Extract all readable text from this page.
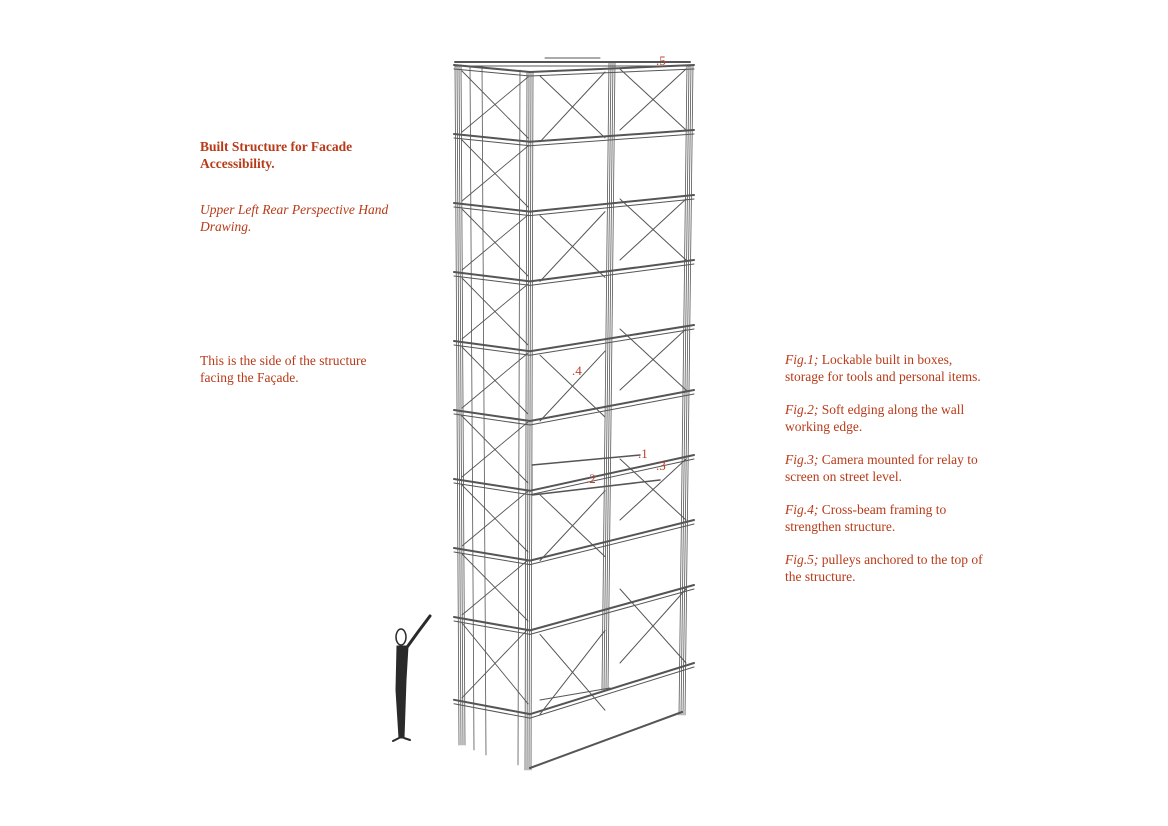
Built Structure for Facade Accessibility.
Upper Left Rear Perspective Hand Drawing.
This is the side of the structure facing the Façade.

Fig.1; Lockable built in boxes, storage for tools and personal items.

Fig.2; Soft edging along the wall working edge.

Fig.3; Camera mounted for relay to screen on street level.

Fig.4; Cross-beam framing to strengthen structure.

Fig.5; pulleys anchored to the top of the structure.

.1
.2
.3
.4
.5
